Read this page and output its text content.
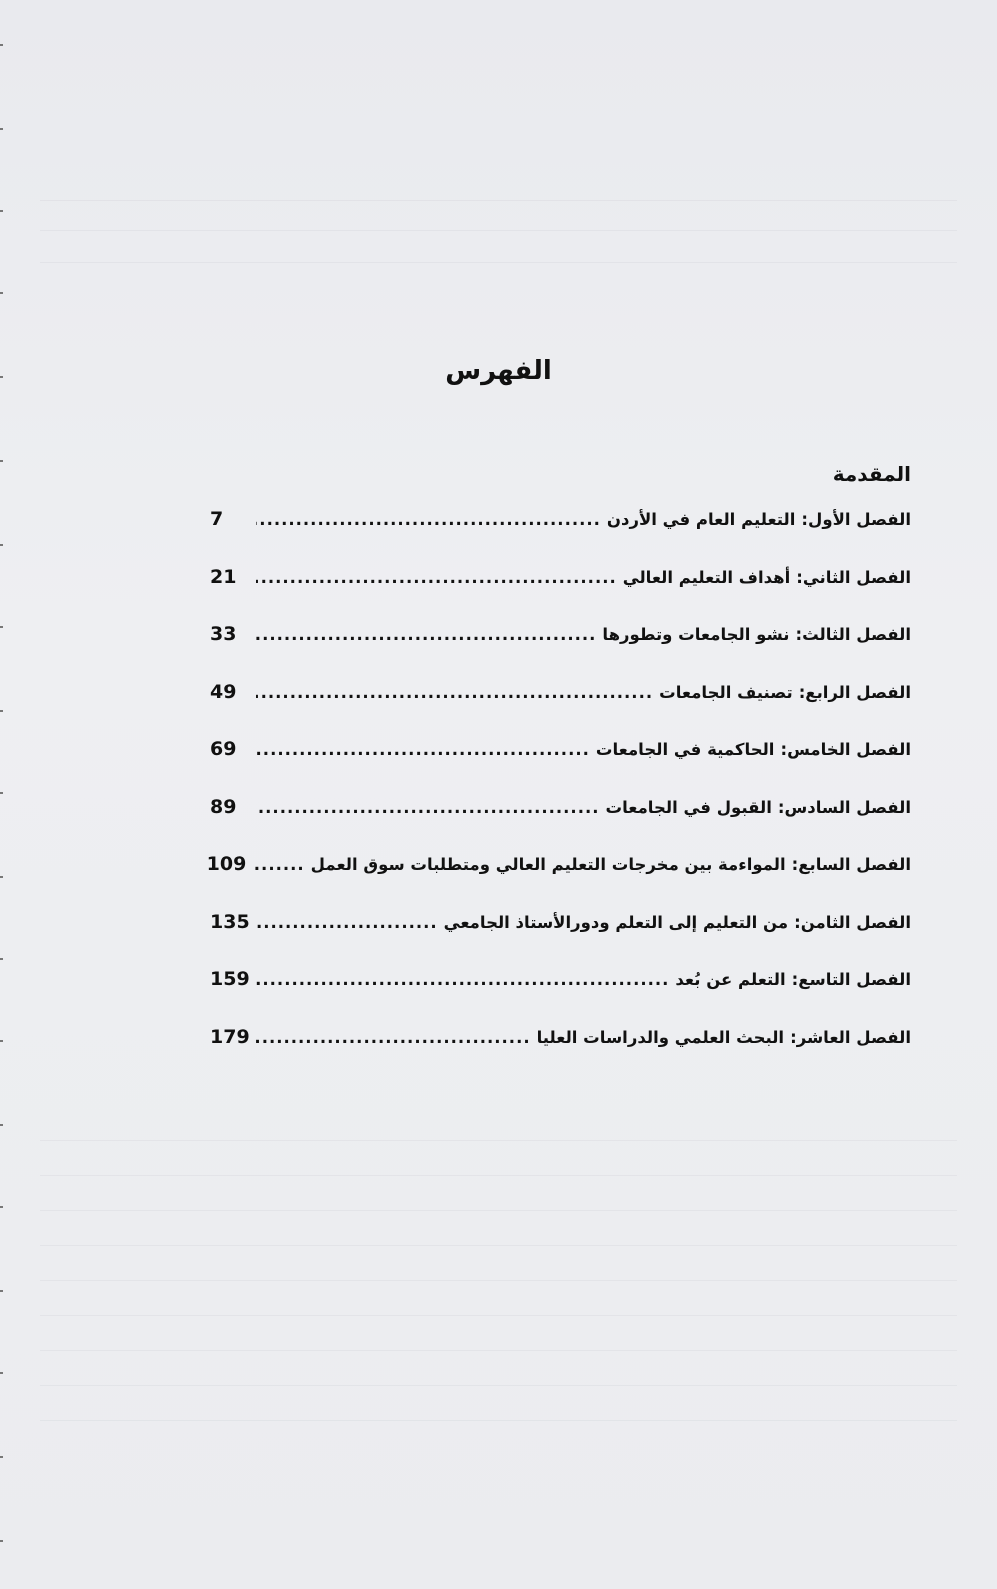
الفهرس
المقدمة
الفصل الأول
:
التعليم العام في الأردن
.....
7
الفصل الثاني
:
أهداف التعليم العالي
.....
21
الفصل الثالث
:
نشو الجامعات وتطورها
.....
33
الفصل الرابع
:
تصنيف الجامعات
.....
49
الفصل الخامس
:
الحاكمية في الجامعات
.....
69
الفصل السادس
:
القبول في الجامعات
.....
89
الفصل السابع
:
المواءمة بين مخرجات التعليم العالي ومتطلبات سوق العمل
.....
109
الفصل الثامن
:
من التعليم إلى التعلم ودورالأستاذ الجامعي
.....
135
الفصل التاسع
:
التعلم عن بُعد
.....
159
الفصل العاشر
:
البحث العلمي والدراسات العليا
.....
179
